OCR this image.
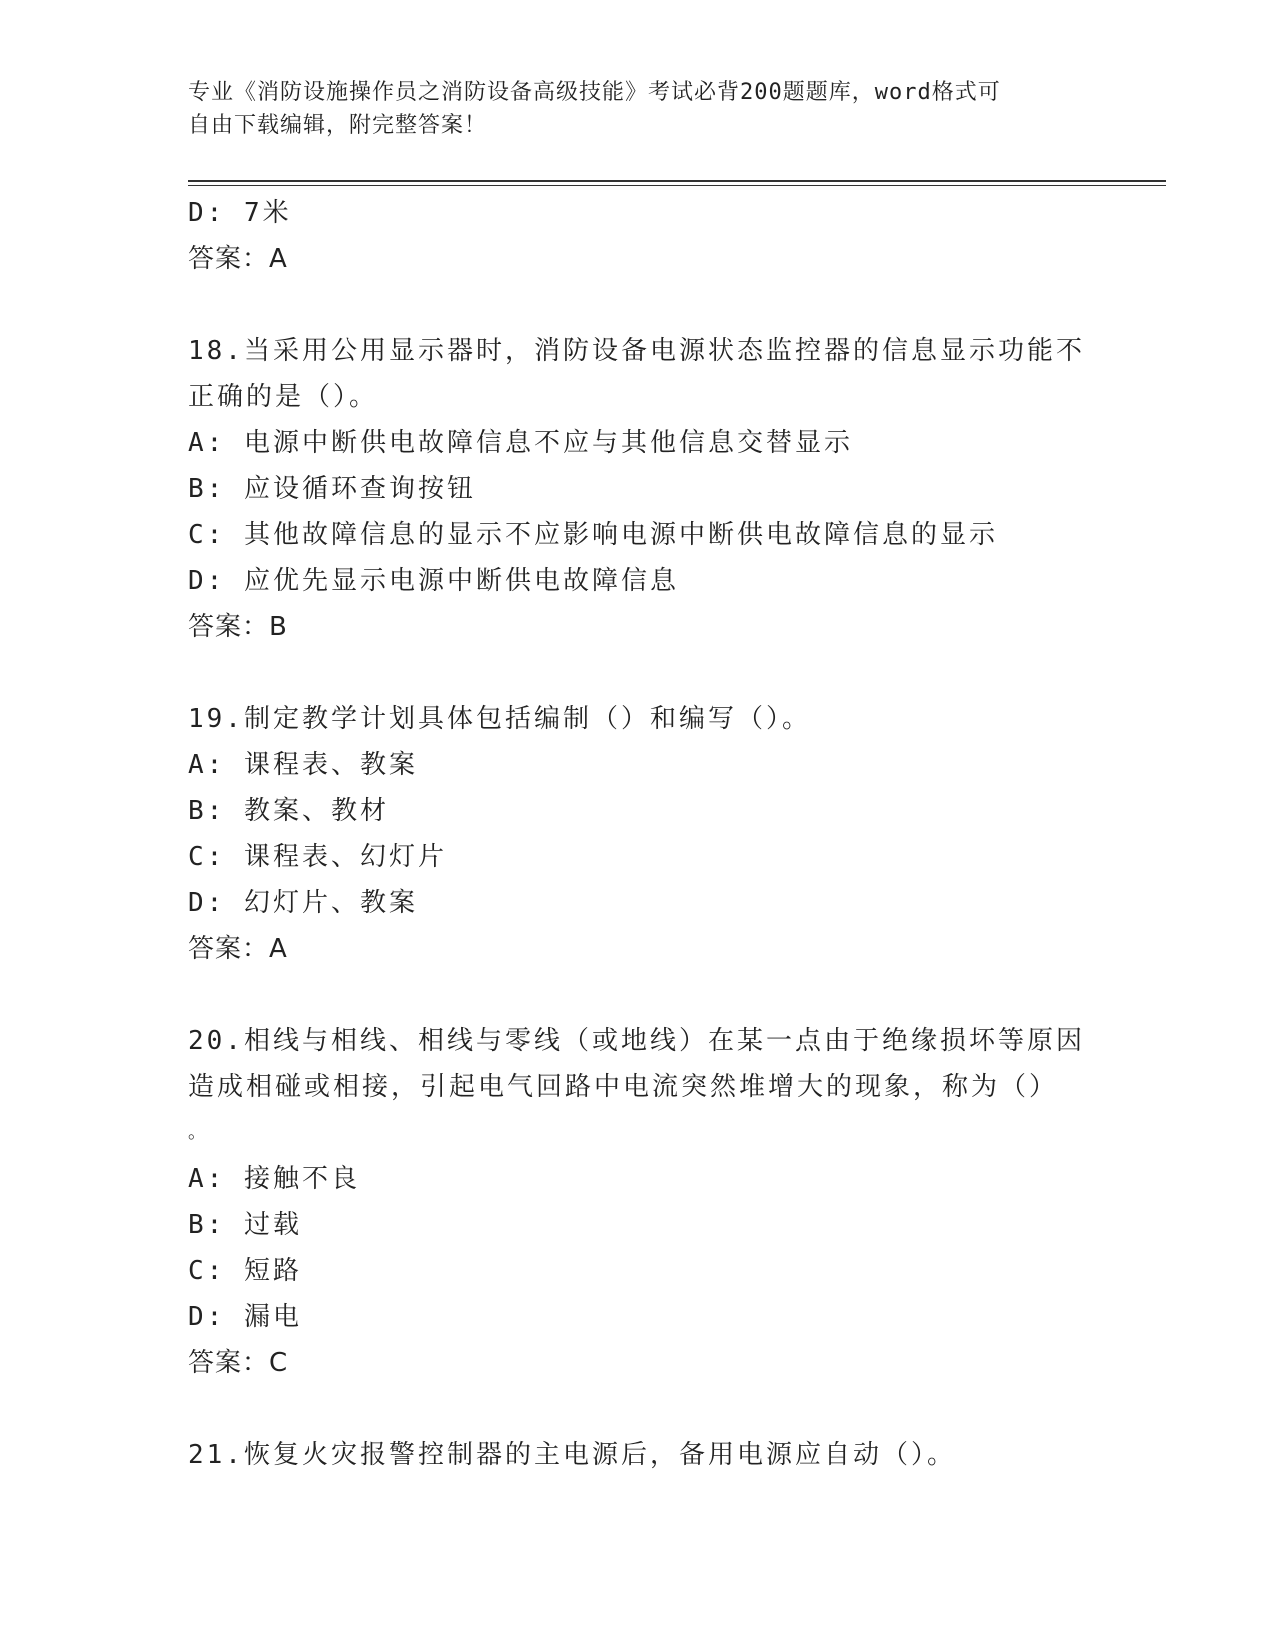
专业《消防设施操作员之消防设备高级技能》考试必背200题题库，word格式可
自由下载编辑，附完整答案！
D: 7米
答案：A
18.当采用公用显示器时，消防设备电源状态监控器的信息显示功能不
正确的是（）。
A: 电源中断供电故障信息不应与其他信息交替显示
B: 应设循环查询按钮
C: 其他故障信息的显示不应影响电源中断供电故障信息的显示
D: 应优先显示电源中断供电故障信息
答案：B
19.制定教学计划具体包括编制（）和编写（）。
A: 课程表、教案
B: 教案、教材
C: 课程表、幻灯片
D: 幻灯片、教案
答案：A
20.相线与相线、相线与零线（或地线）在某一点由于绝缘损坏等原因
造成相碰或相接，引起电气回路中电流突然堆增大的现象，称为（）
。
A: 接触不良
B: 过载
C: 短路
D: 漏电
答案：C
21.恢复火灾报警控制器的主电源后，备用电源应自动（）。
